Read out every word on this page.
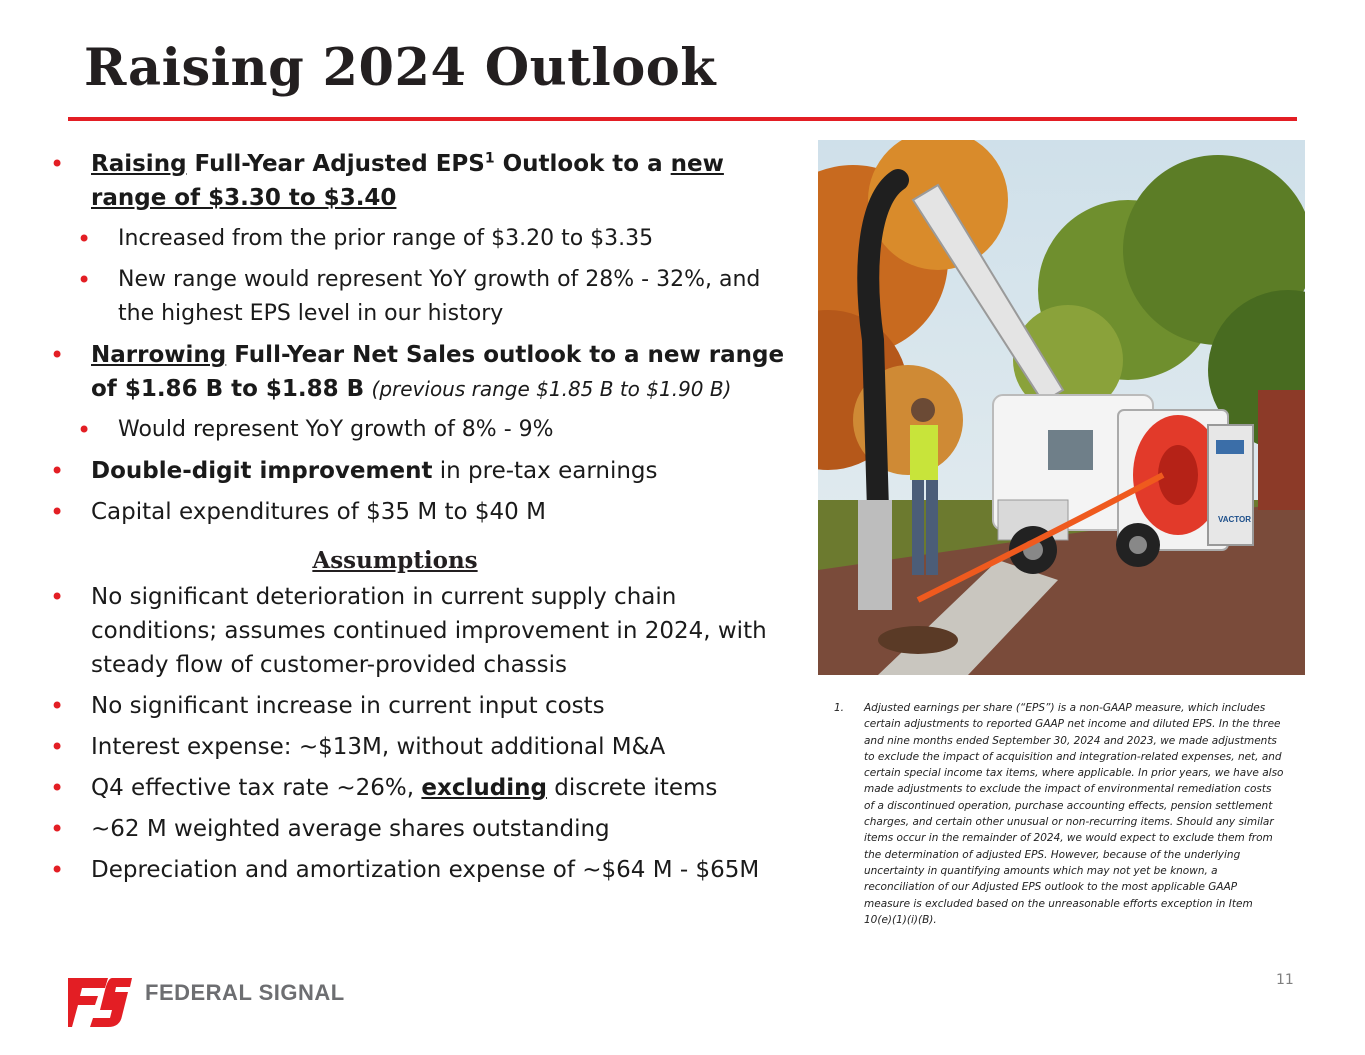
Raising 2024 Outlook

• Raising Full-Year Adjusted EPS$^1$ Outlook to a new range of $3.30 to $3.40

• Increased from the prior range of $3.20 to $3.35

• New range would represent YoY growth of 28% - 32%, and the highest EPS level in our history

• Narrowing Full-Year Net Sales outlook to a new range of $1.86 B to $1.88 B (previous range $1.85 B to $1.90 B)

• Would represent YoY growth of 8% - 9%

• Double-digit improvement in pre-tax earnings

• Capital expenditures of $35 M to $40 M

Assumptions

• No significant deterioration in current supply chain conditions; assumes continued improvement in 2024, with steady flow of customer-provided chassis

• No significant increase in current input costs

• Interest expense: ~$13M, without additional M&A

• Q4 effective tax rate ~26%, excluding discrete items

• ~62 M weighted average shares outstanding

• Depreciation and amortization expense of ~$64 M - $65M

VACTOR
1.	Adjusted earnings per share (“EPS”) is a non-GAAP measure, which includes certain adjustments to reported GAAP net income and diluted EPS. In the three and nine months ended September 30, 2024 and 2023, we made adjustments to exclude the impact of acquisition and integration-related expenses, net, and certain special income tax items, where applicable. In prior years, we have also made adjustments to exclude the impact of environmental remediation costs of a discontinued operation, purchase accounting effects, pension settlement charges, and certain other unusual or non-recurring items. Should any similar items occur in the remainder of 2024, we would expect to exclude them from the determination of adjusted EPS. However, because of the underlying uncertainty in quantifying amounts which may not yet be known, a reconciliation of our Adjusted EPS outlook to the most applicable GAAP measure is excluded based on the unreasonable efforts exception in Item 10(e)(1)(i)(B).
11
FEDERAL SIGNAL
